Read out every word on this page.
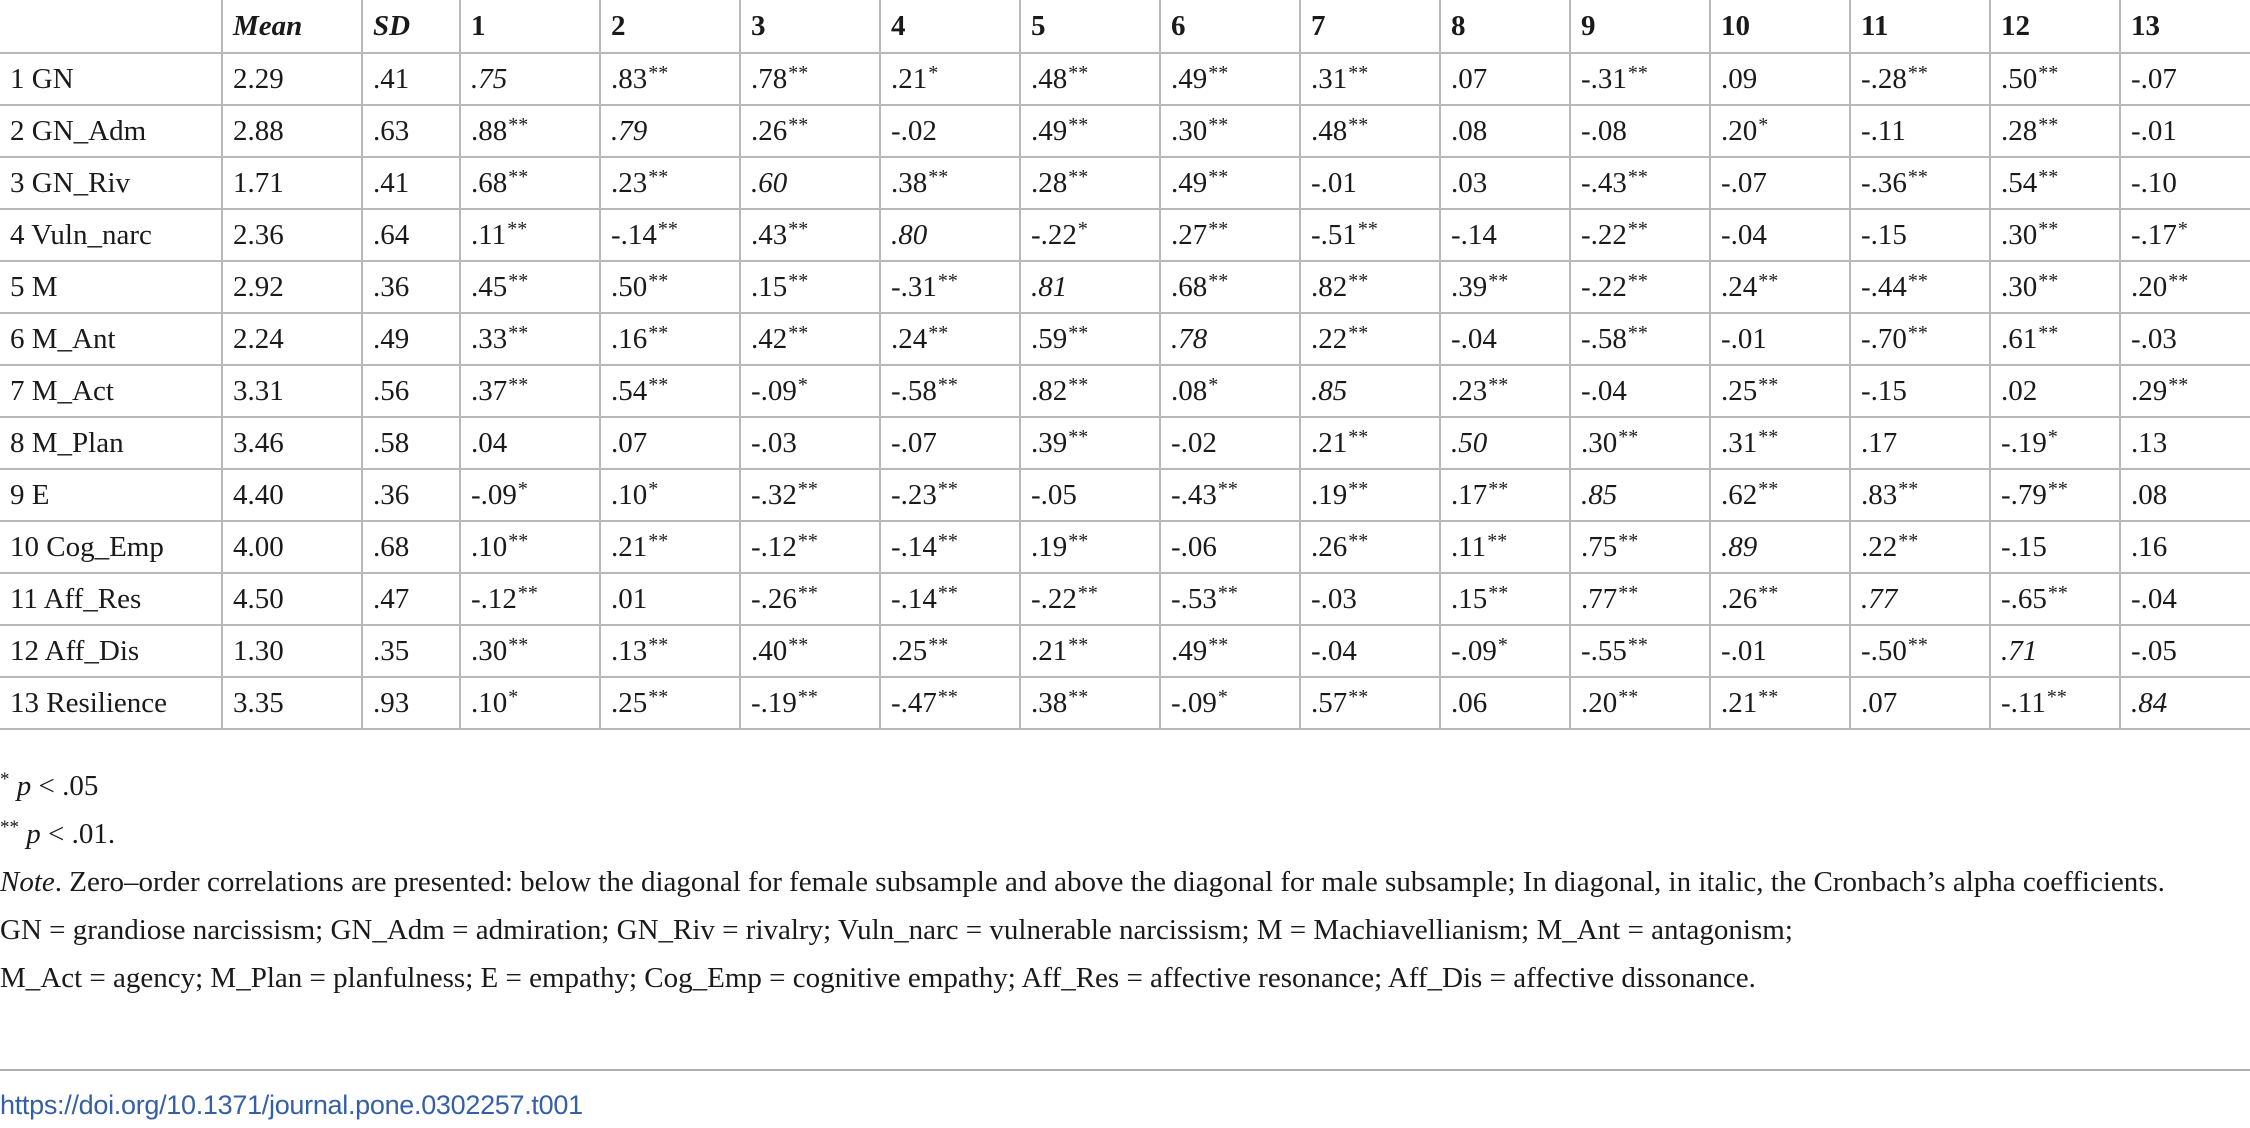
	Mean	SD	1	2	3	4	5	6	7	8	9	10	11	12	13
1 GN	2.29	.41	.75	.83**	.78**	.21*	.48**	.49**	.31**	.07	-.31**	.09	-.28**	.50**	-.07
2 GN_Adm	2.88	.63	.88**	.79	.26**	-.02	.49**	.30**	.48**	.08	-.08	.20*	-.11	.28**	-.01
3 GN_Riv	1.71	.41	.68**	.23**	.60	.38**	.28**	.49**	-.01	.03	-.43**	-.07	-.36**	.54**	-.10
4 Vuln_narc	2.36	.64	.11**	-.14**	.43**	.80	-.22*	.27**	-.51**	-.14	-.22**	-.04	-.15	.30**	-.17*
5 M	2.92	.36	.45**	.50**	.15**	-.31**	.81	.68**	.82**	.39**	-.22**	.24**	-.44**	.30**	.20**
6 M_Ant	2.24	.49	.33**	.16**	.42**	.24**	.59**	.78	.22**	-.04	-.58**	-.01	-.70**	.61**	-.03
7 M_Act	3.31	.56	.37**	.54**	-.09*	-.58**	.82**	.08*	.85	.23**	-.04	.25**	-.15	.02	.29**
8 M_Plan	3.46	.58	.04	.07	-.03	-.07	.39**	-.02	.21**	.50	.30**	.31**	.17	-.19*	.13
9 E	4.40	.36	-.09*	.10*	-.32**	-.23**	-.05	-.43**	.19**	.17**	.85	.62**	.83**	-.79**	.08
10 Cog_Emp	4.00	.68	.10**	.21**	-.12**	-.14**	.19**	-.06	.26**	.11**	.75**	.89	.22**	-.15	.16
11 Aff_Res	4.50	.47	-.12**	.01	-.26**	-.14**	-.22**	-.53**	-.03	.15**	.77**	.26**	.77	-.65**	-.04
12 Aff_Dis	1.30	.35	.30**	.13**	.40**	.25**	.21**	.49**	-.04	-.09*	-.55**	-.01	-.50**	.71	-.05
13 Resilience	3.35	.93	.10*	.25**	-.19**	-.47**	.38**	-.09*	.57**	.06	.20**	.21**	.07	-.11**	.84
* p < .05
** p < .01.
Note. Zero–order correlations are presented: below the diagonal for female subsample and above the diagonal for male subsample; In diagonal, in italic, the Cronbach’s alpha coefficients.
GN = grandiose narcissism; GN_Adm = admiration; GN_Riv = rivalry; Vuln_narc = vulnerable narcissism; M = Machiavellianism; M_Ant = antagonism;
M_Act = agency; M_Plan = planfulness; E = empathy; Cog_Emp = cognitive empathy; Aff_Res = affective resonance; Aff_Dis = affective dissonance.
https://doi.org/10.1371/journal.pone.0302257.t001
